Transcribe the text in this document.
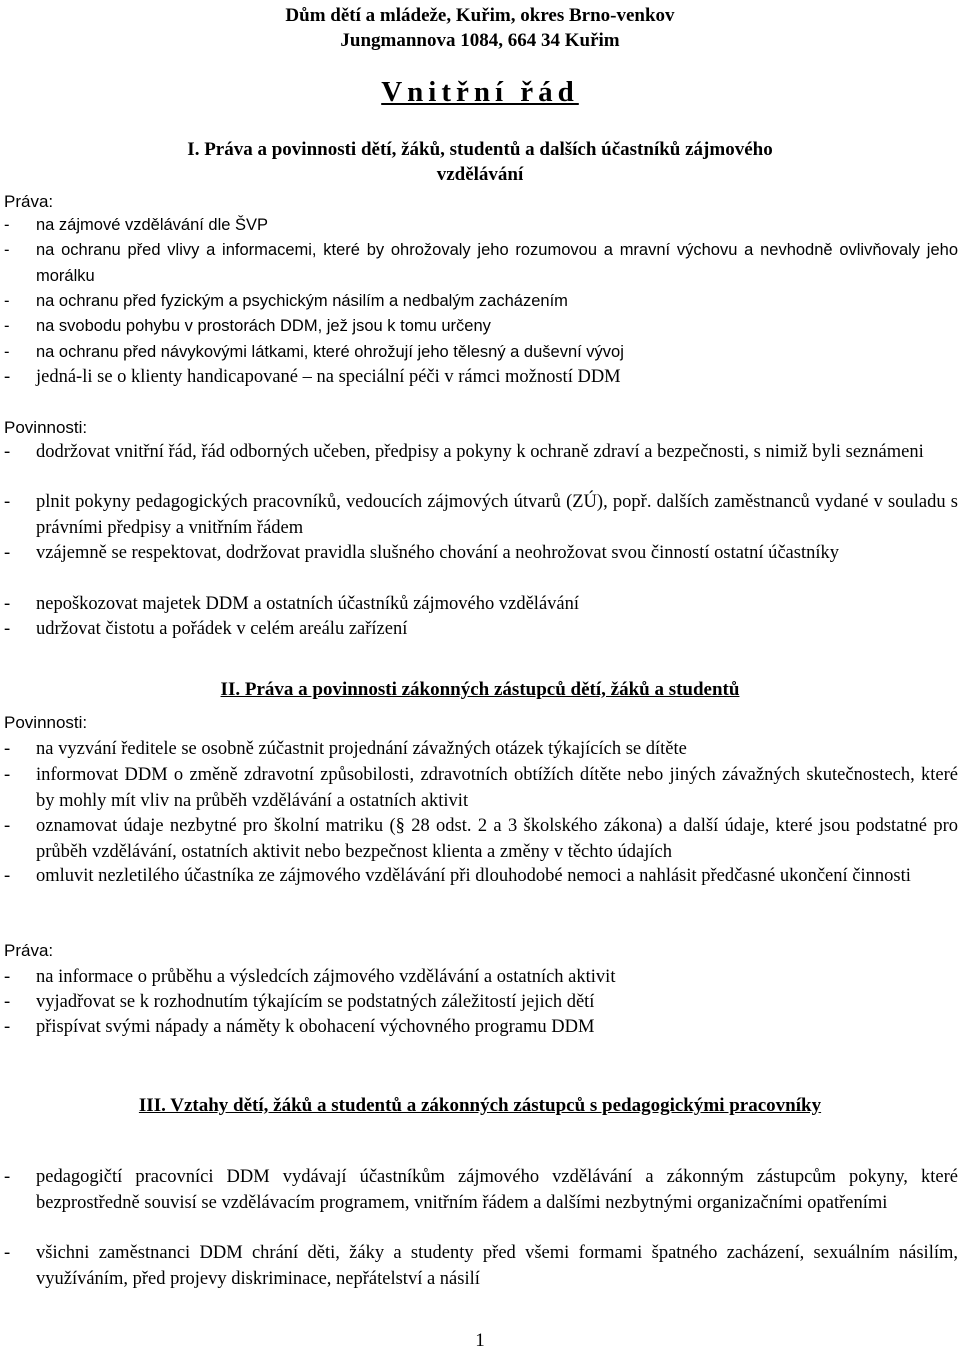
Dům dětí a mládeže, Kuřim, okres Brno-venkov
Jungmannova 1084, 664 34 Kuřim
Vnitřní řád
I. Práva a povinnosti dětí, žáků, studentů a dalších účastníků zájmového vzdělávání
Práva:
- na zájmové vzdělávání dle ŠVP
- na ochranu před vlivy a informacemi, které by ohrožovaly jeho rozumovou a mravní výchovu a nevhodně ovlivňovaly jeho morálku
- na ochranu před fyzickým a psychickým násilím a nedbalým zacházením
- na svobodu pohybu v prostorách DDM, jež jsou k tomu určeny
- na ochranu před návykovými látkami, které ohrožují jeho tělesný a duševní vývoj
- jedná-li se o klienty handicapované – na speciální péči v rámci možností DDM
Povinnosti:
- dodržovat vnitřní řád, řád odborných učeben, předpisy a pokyny k ochraně zdraví a bezpečnosti, s nimiž byli seznámeni
- plnit pokyny pedagogických pracovníků, vedoucích zájmových útvarů (ZÚ), popř. dalších zaměstnanců vydané v souladu s právními předpisy a vnitřním řádem
- vzájemně se respektovat, dodržovat pravidla slušného chování a neohrožovat svou činností ostatní účastníky
- nepoškozovat majetek DDM a ostatních účastníků zájmového vzdělávání
- udržovat čistotu a pořádek v celém areálu zařízení
II. Práva a povinnosti zákonných zástupců dětí, žáků a studentů
Povinnosti:
- na vyzvání ředitele se osobně zúčastnit projednání závažných otázek týkajících se dítěte
- informovat DDM o změně zdravotní způsobilosti, zdravotních obtížích dítěte nebo jiných závažných skutečnostech, které by mohly mít vliv na průběh vzdělávání a ostatních aktivit
- oznamovat údaje nezbytné pro školní matriku (§ 28 odst. 2 a 3 školského zákona) a další údaje, které jsou podstatné pro průběh vzdělávání, ostatních aktivit nebo bezpečnost klienta a změny v těchto údajích
- omluvit nezletilého účastníka ze zájmového vzdělávání při dlouhodobé nemoci a nahlásit předčasné ukončení činnosti
Práva:
- na informace o průběhu a výsledcích zájmového vzdělávání a ostatních aktivit
- vyjadřovat se k rozhodnutím týkajícím se podstatných záležitostí jejich dětí
- přispívat svými nápady a náměty k obohacení výchovného programu DDM
III. Vztahy dětí, žáků a studentů a zákonných zástupců s pedagogickými pracovníky
- pedagogičtí pracovníci DDM vydávají účastníkům zájmového vzdělávání a zákonným zástupcům pokyny, které bezprostředně souvisí se vzdělávacím programem, vnitřním řádem a dalšími nezbytnými organizačními opatřeními
- všichni zaměstnanci DDM chrání děti, žáky a studenty před všemi formami špatného zacházení, sexuálním násilím, využíváním, před projevy diskriminace, nepřátelství a násilí
1
